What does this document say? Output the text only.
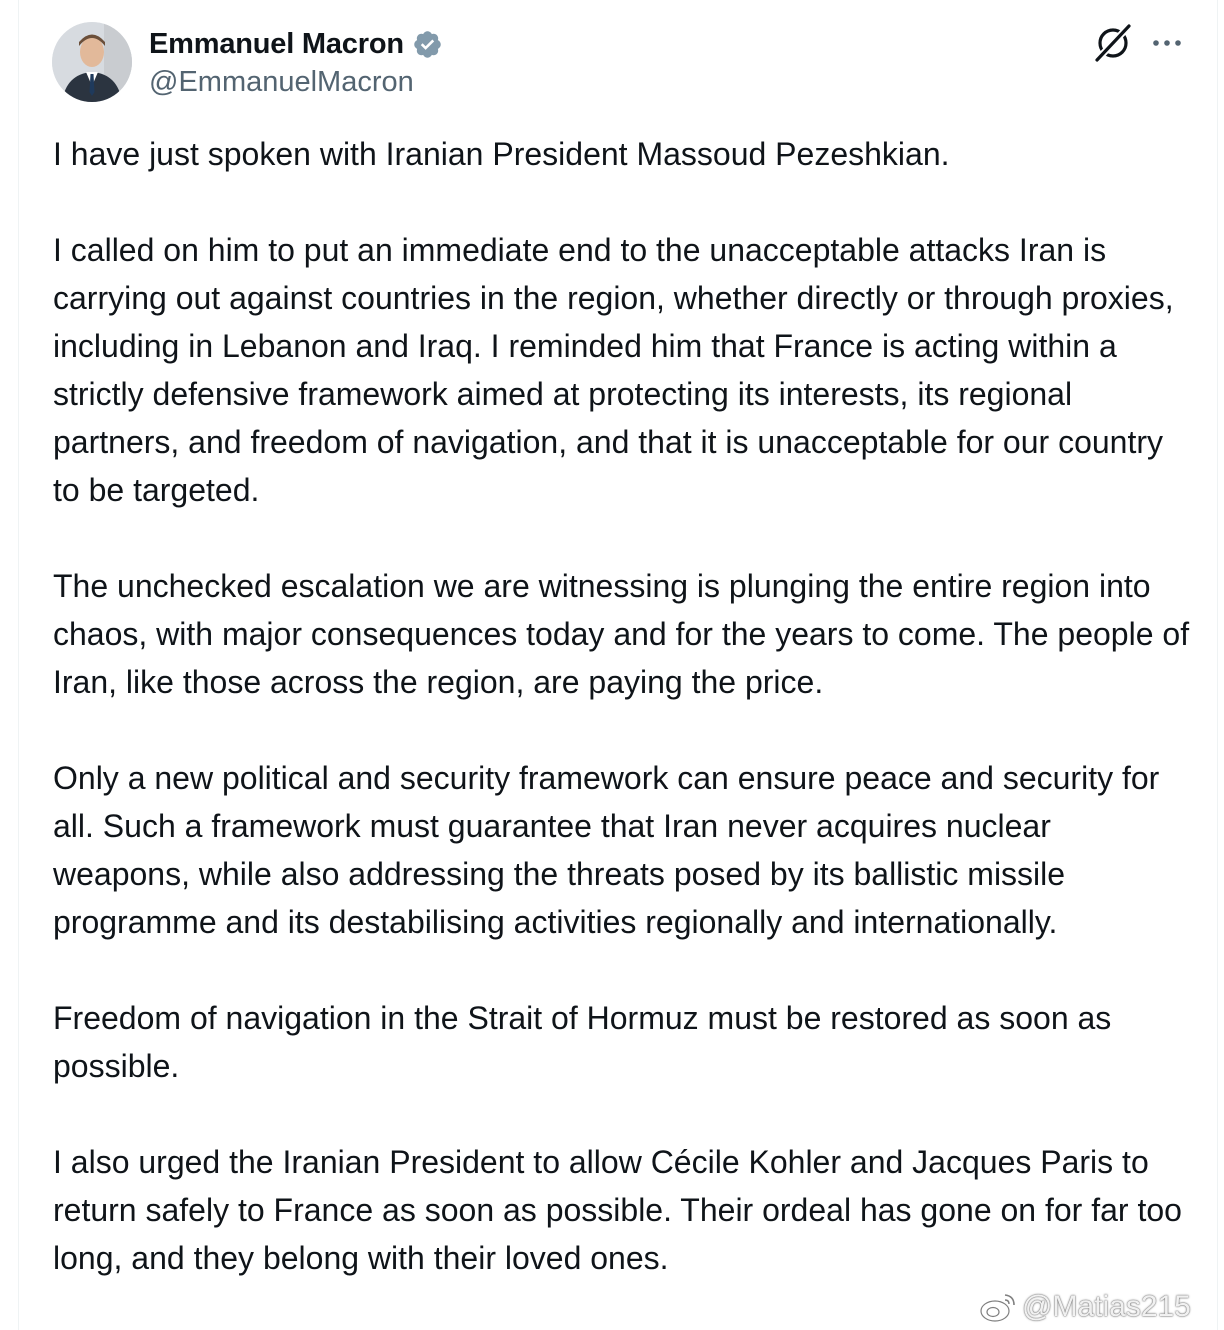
Emmanuel Macron
@EmmanuelMacron

I have just spoken with Iranian President Massoud Pezeshkian.

I called on him to put an immediate end to the unacceptable attacks Iran is carrying out against countries in the region, whether directly or through proxies, including in Lebanon and Iraq. I reminded him that France is acting within a strictly defensive framework aimed at protecting its interests, its regional partners, and freedom of navigation, and that it is unacceptable for our country to be targeted.

The unchecked escalation we are witnessing is plunging the entire region into chaos, with major consequences today and for the years to come. The people of Iran, like those across the region, are paying the price.

Only a new political and security framework can ensure peace and security for all. Such a framework must guarantee that Iran never acquires nuclear weapons, while also addressing the threats posed by its ballistic missile programme and its destabilising activities regionally and internationally.

Freedom of navigation in the Strait of Hormuz must be restored as soon as possible.

I also urged the Iranian President to allow Cécile Kohler and Jacques Paris to return safely to France as soon as possible. Their ordeal has gone on for far too long, and they belong with their loved ones.

@Matias215
